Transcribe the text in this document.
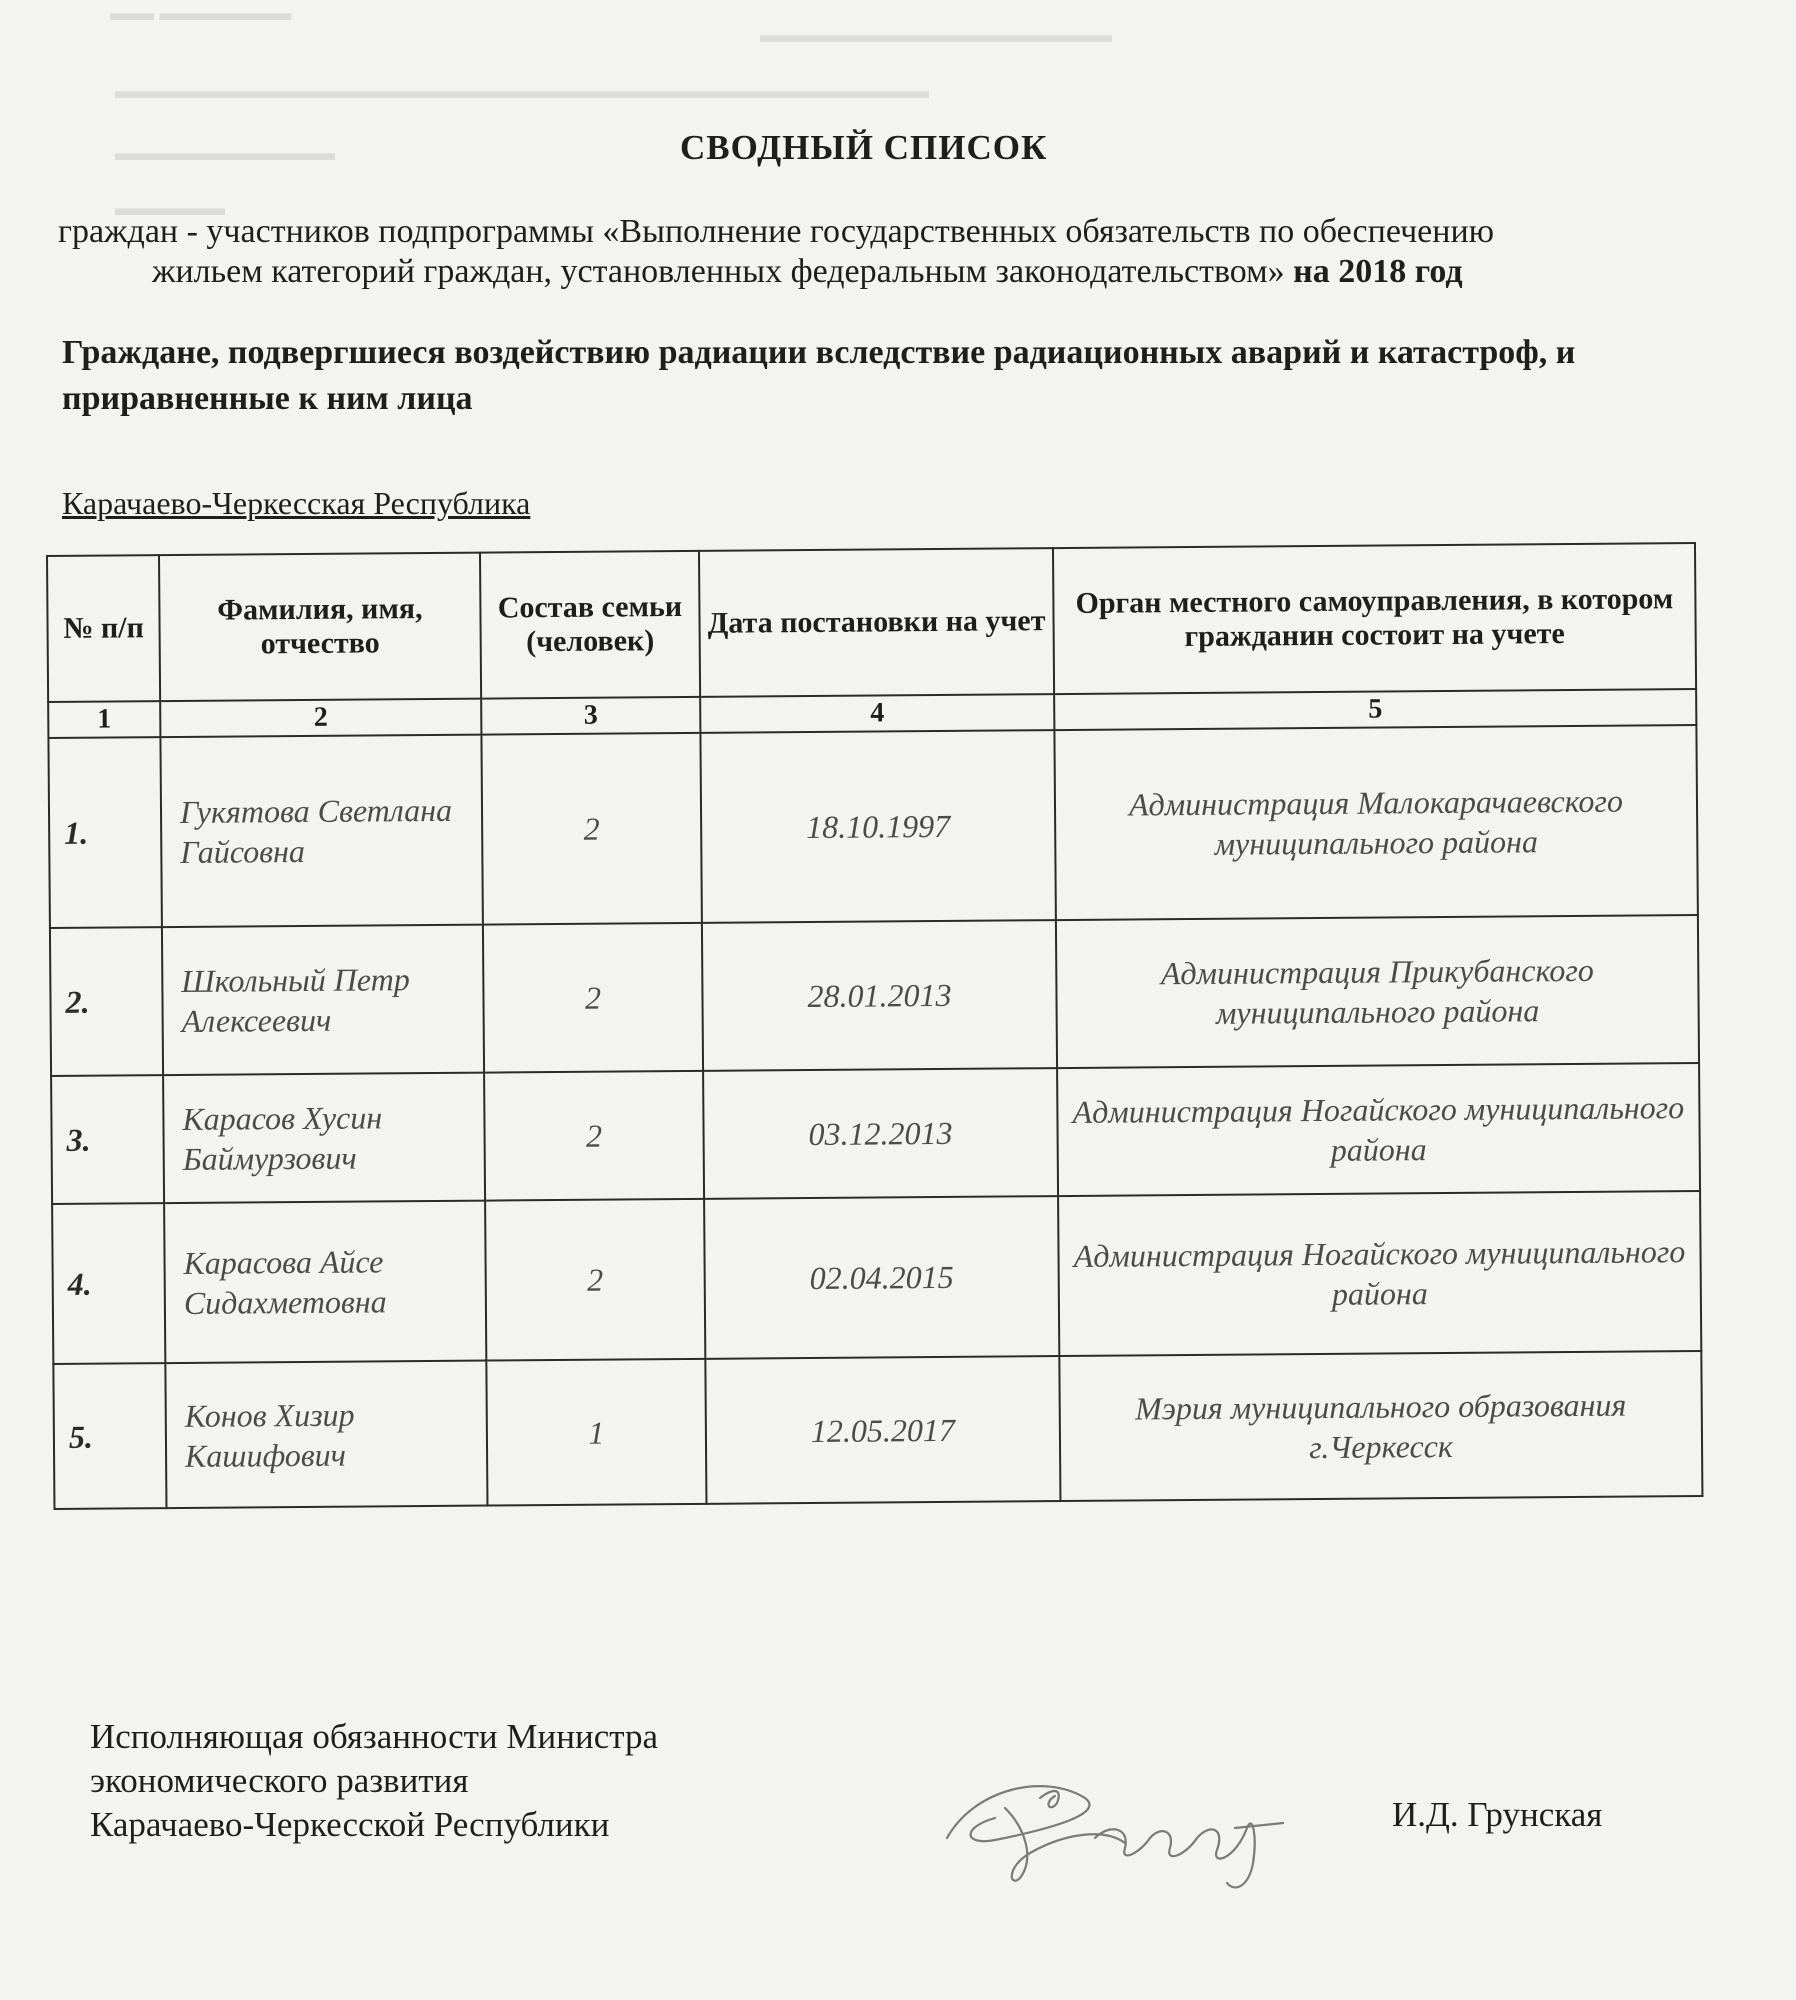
▬▬ ▬▬▬▬▬▬
▬▬▬▬▬▬▬▬▬▬▬▬▬▬▬▬
▬▬▬▬▬▬▬▬▬▬▬▬▬▬▬▬▬▬▬▬▬▬▬▬▬▬▬▬▬▬▬▬▬▬▬▬▬
▬▬▬▬▬▬▬▬▬▬
▬▬▬▬▬
СВОДНЫЙ СПИСОК
граждан - участников подпрограммы «Выполнение государственных обязательств по обеспечению
жильем категорий граждан, установленных федеральным законодательством» на 2018 год
Граждане, подвергшиеся воздействию радиации вследствие радиационных аварий и катастроф, и приравненные к ним лица
Карачаево-Черкесская Республика
№ п/п	Фамилия, имя, отчество	Состав семьи (человек)	Дата постановки на учет	Орган местного самоуправления, в котором гражданин состоит на учете
1	2	3	4	5
1.	Гукятова Светлана Гайсовна	2	18.10.1997	Администрация Малокарачаевского муниципального района
2.	Школьный Петр Алексеевич	2	28.01.2013	Администрация Прикубанского муниципального района
3.	Карасов Хусин Баймурзович	2	03.12.2013	Администрация Ногайского муниципального района
4.	Карасова Айсе Сидахметовна	2	02.04.2015	Администрация Ногайского муниципального района
5.	Конов Хизир Кашифович	1	12.05.2017	Мэрия муниципального образования г.Черкесск
Исполняющая обязанности Министра
экономического развития
Карачаево-Черкесской Республики	И.Д. Грунская
